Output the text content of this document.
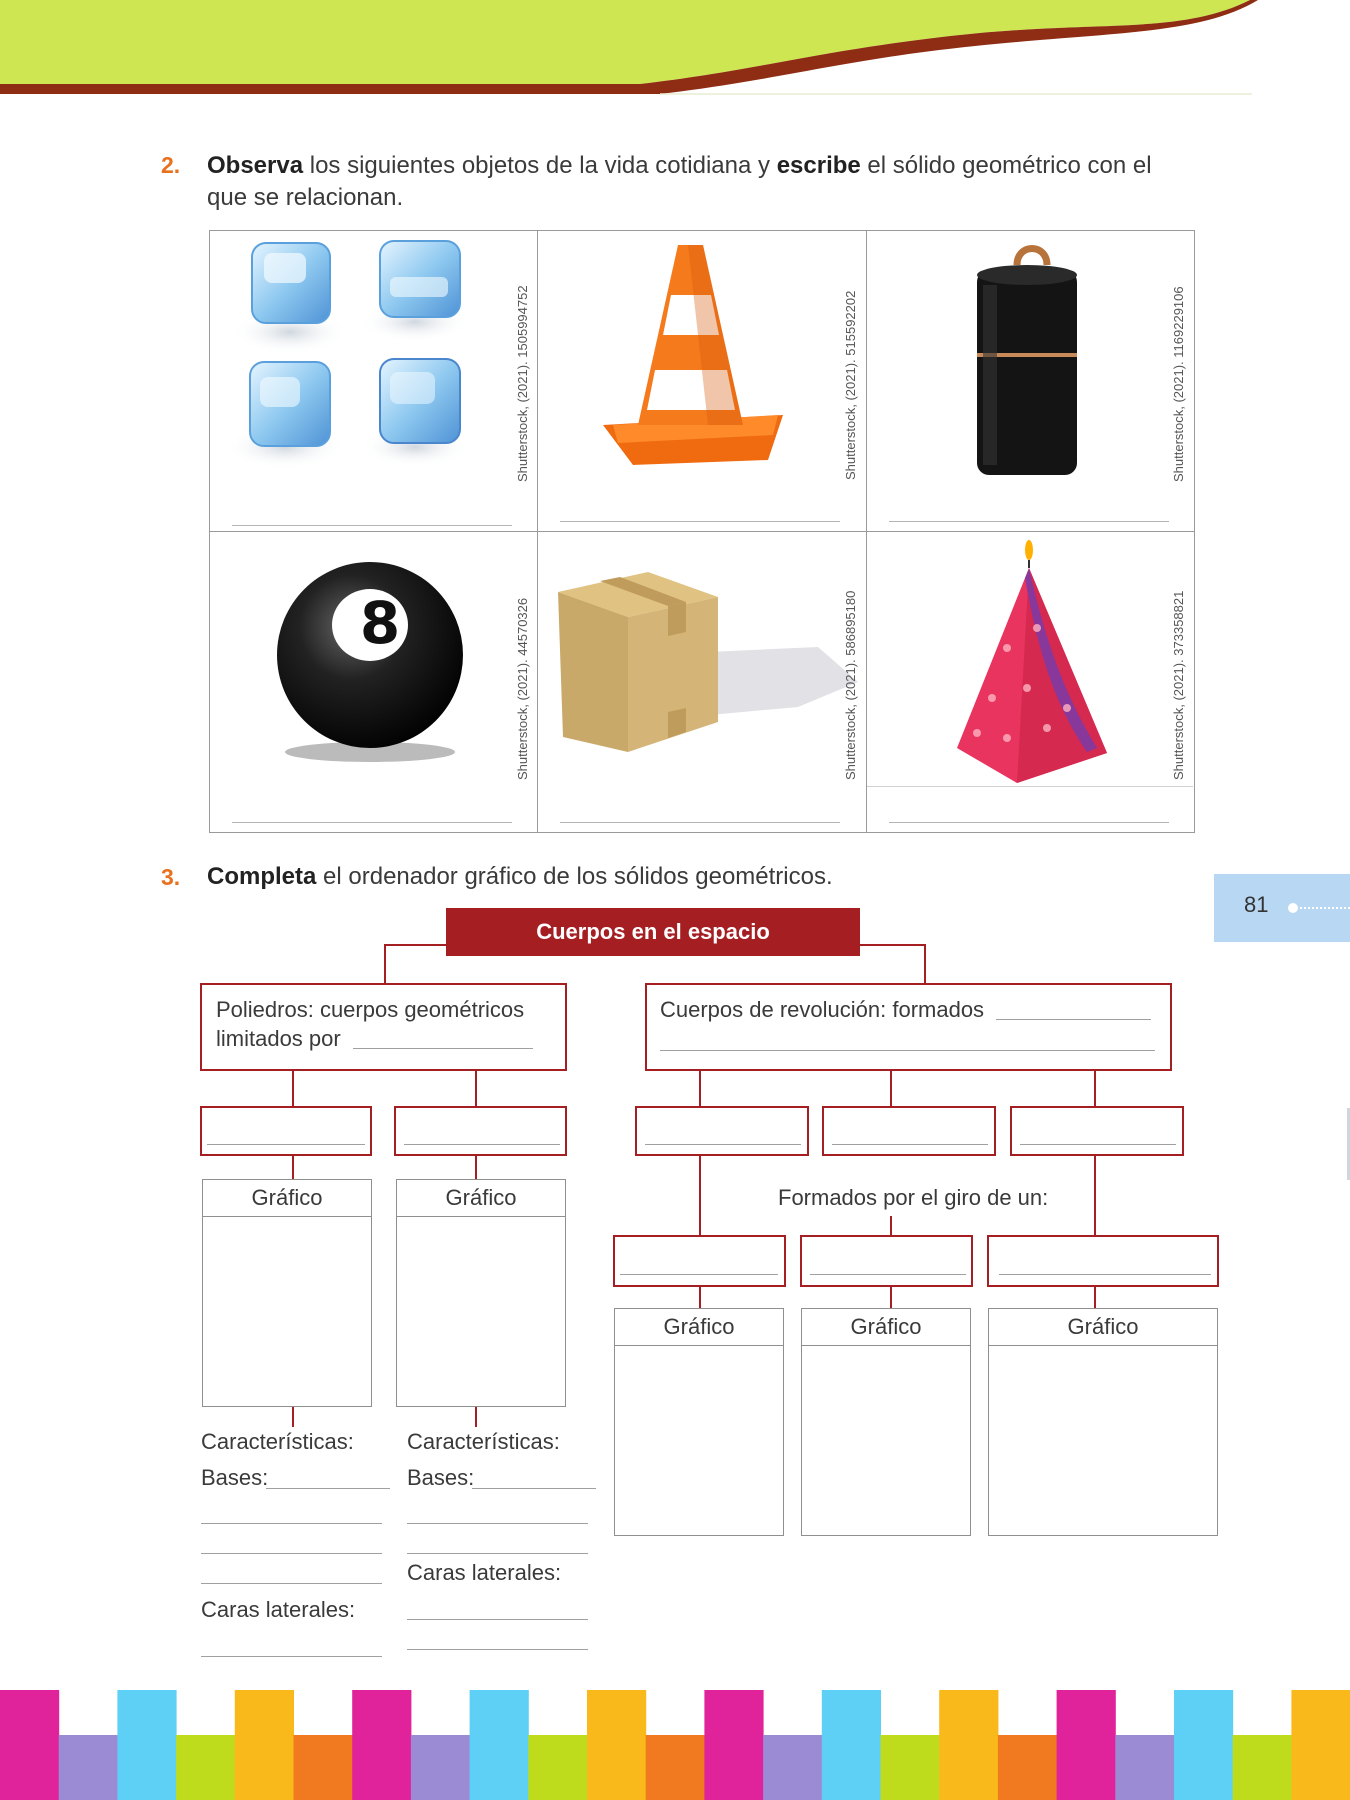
2. Observa los siguientes objetos de la vida cotidiana y escribe el sólido geométrico con el
que se relacionan.
Shutterstock, (2021). 1505994752	Shutterstock, (2021). 515592202	Shutterstock, (2021). 1169229106
8	Shutterstock, (2021). 44570326	Shutterstock, (2021). 586895180	Shutterstock, (2021). 373358821
81
3. Completa el ordenador gráfico de los sólidos geométricos.
Cuerpos en el espacio
Poliedros: cuerpos geométricos
limitados por
Cuerpos de revolución: formados
Gráfico	Gráfico
Características:
Bases:
Caras laterales:
Características:
Bases:
Caras laterales:
Formados por el giro de un:
Gráfico	Gráfico	Gráfico
